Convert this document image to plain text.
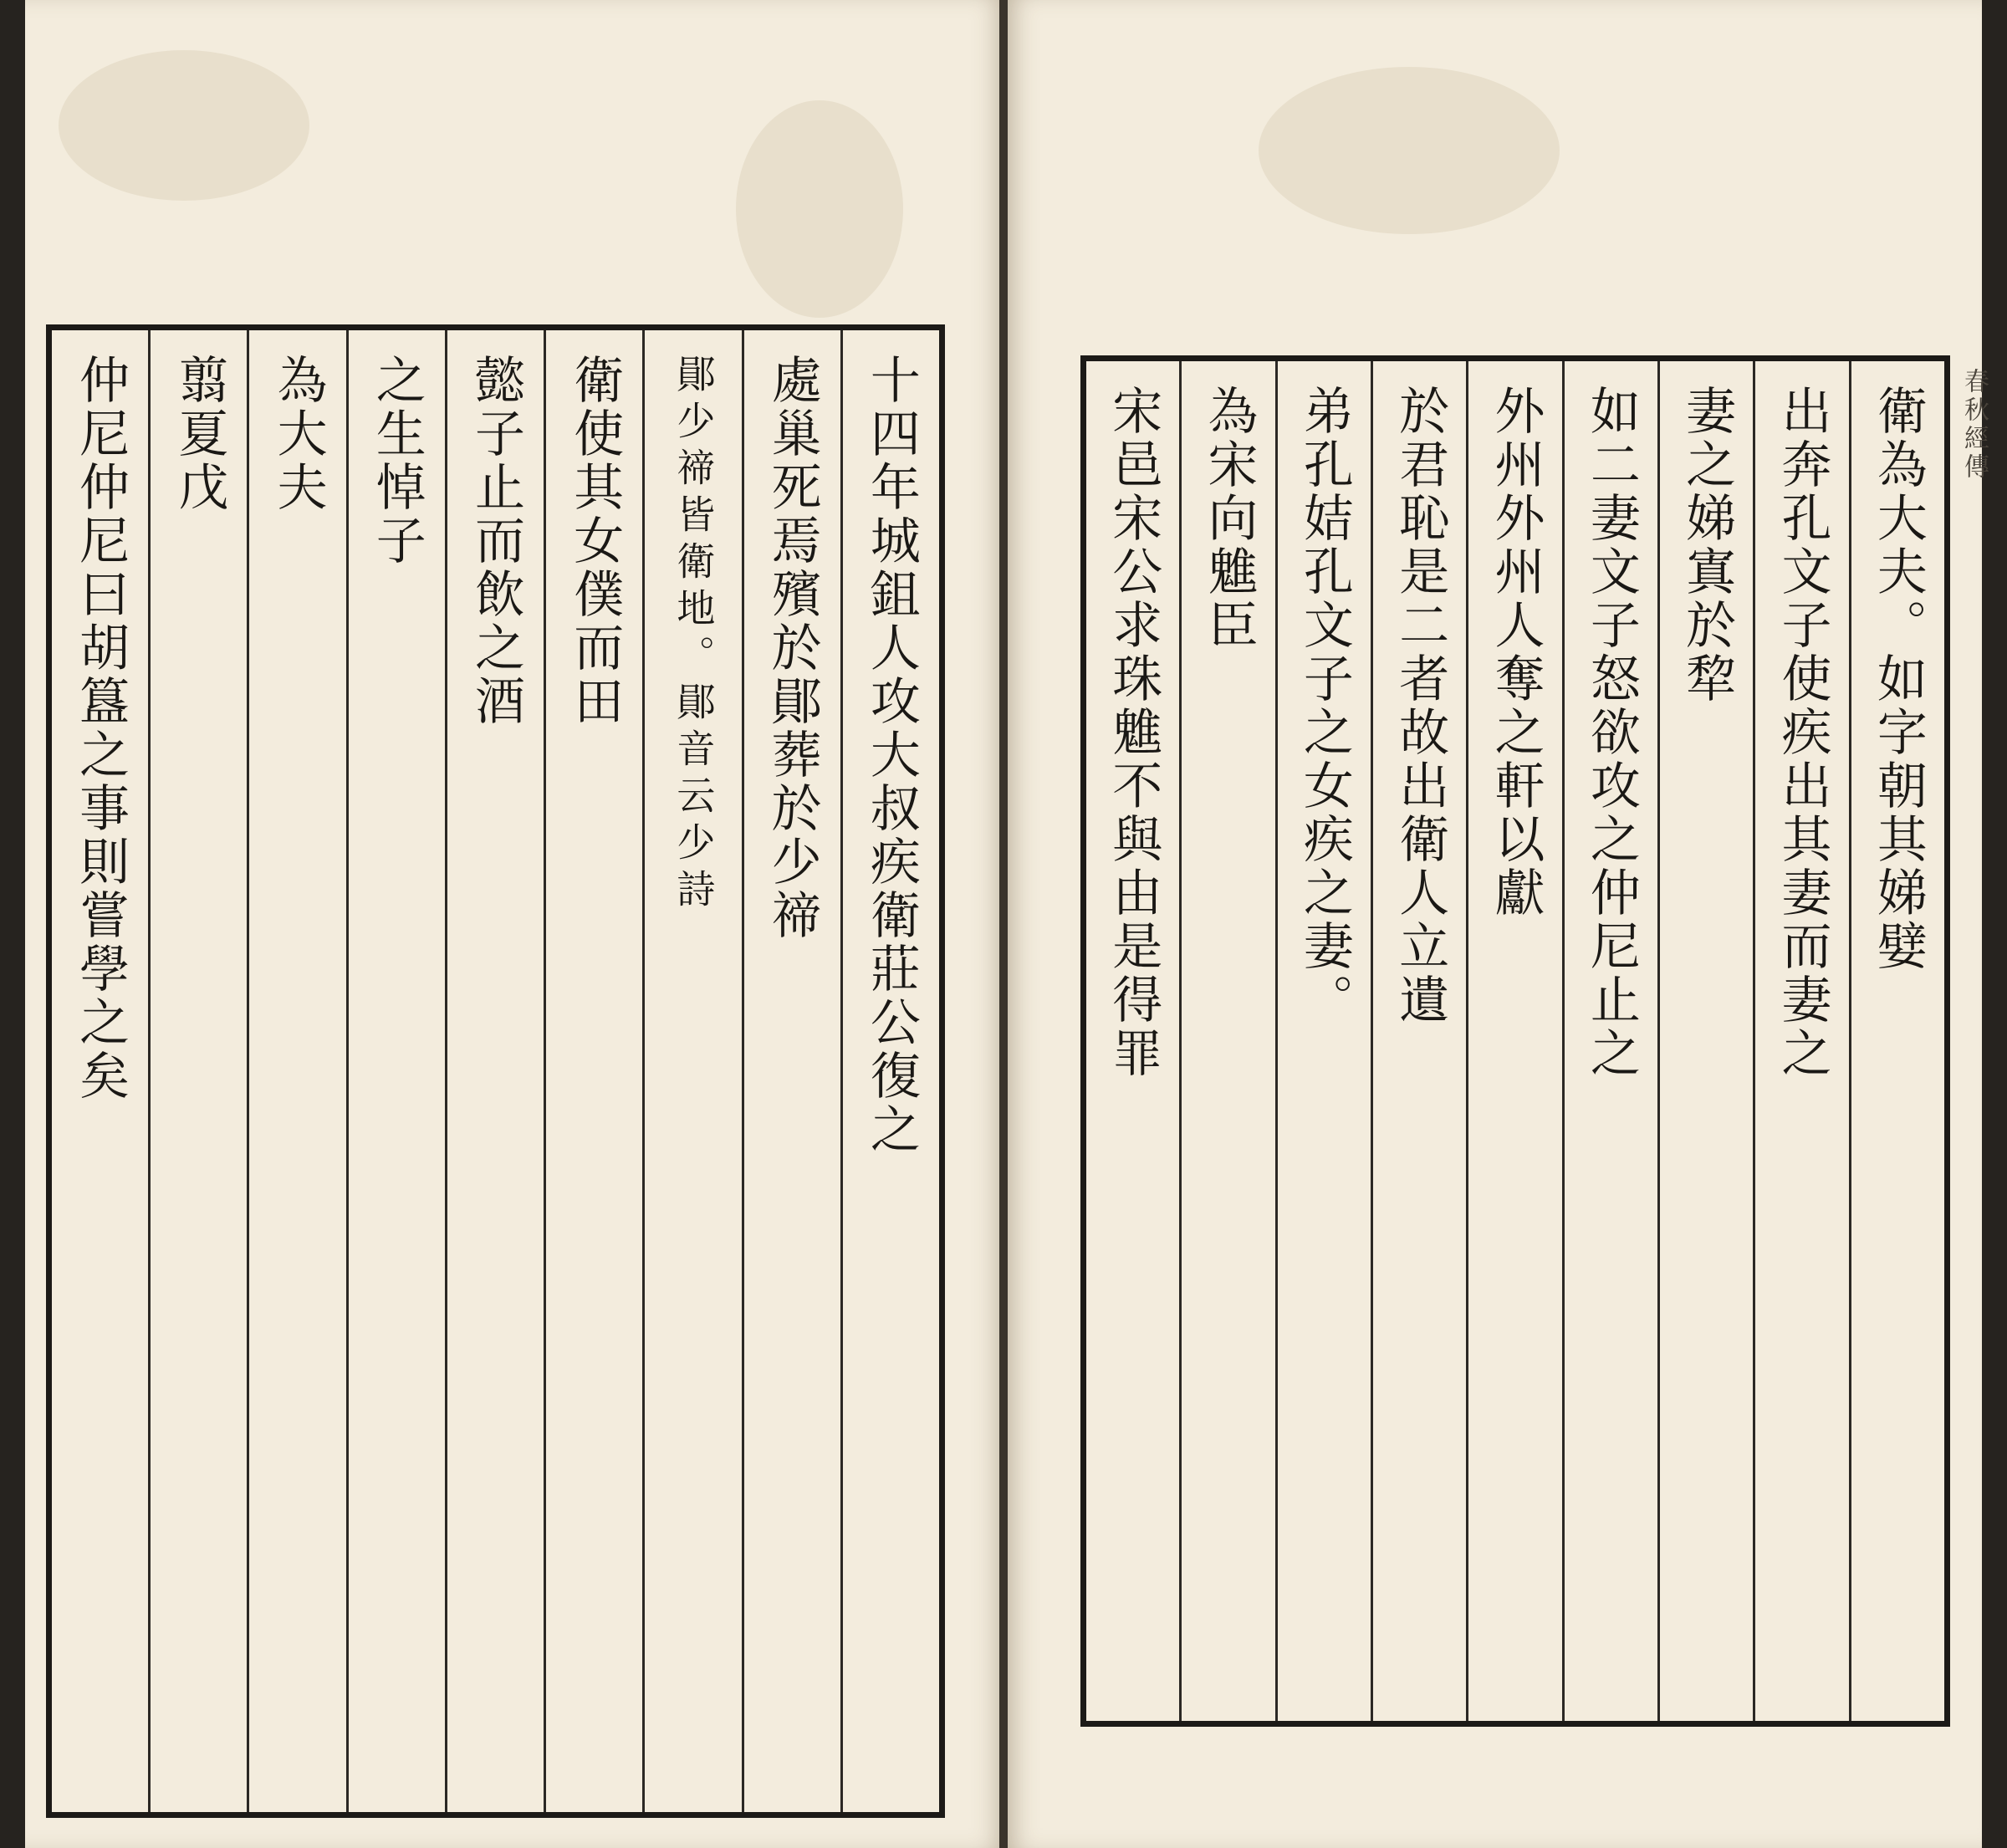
十四年城鉏人攻大叔疾衛莊公復之
處巢死焉殯於鄖葬於少禘
鄖少禘皆衛地。鄖音云少詩
衛使其女僕而田
懿子止而飲之酒
之生悼子
為大夫
翦夏戊
仲尼仲尼曰胡簋之事則嘗學之矣	衛為大夫。如字朝其娣嬖
出奔孔文子使疾出其妻而妻之
妻之娣寘於犂
如二妻文子怒欲攻之仲尼止之
外州外州人奪之軒以獻
於君恥是二者故出衛人立遺
弟孔姞孔文子之女疾之妻。
為宋向魋臣
宋邑宋公求珠魋不與由是得罪	春秋經傳
